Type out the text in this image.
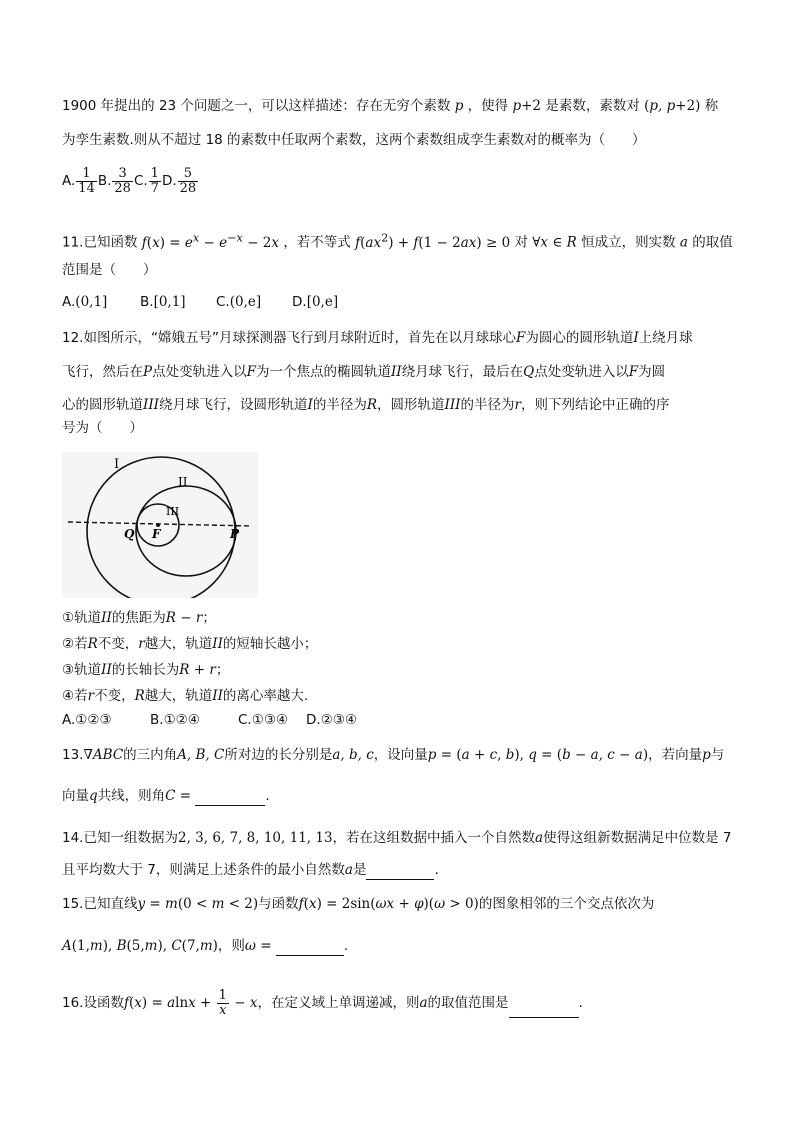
1900 年提出的 23 个问题之一，可以这样描述：存在无穷个素数 p ，使得 p+2 是素数，素数对 (p, p+2) 称
为孪生素数.则从不超过 18 的素数中任取两个素数，这两个素数组成孪生素数对的概率为（　　）
A. $\frac{1}{14} B$. $\frac{3}{28} C$. $\frac{1}{7} D$. $\frac{5}{28}$
11.已知函数 $f(x) = e^x - e^{-x} - 2x$ ，若不等式 $f(ax^2) + f(1 - 2ax) \ge 0$ 对 ∀x ∈ R 恒成立，则实数 a 的取值
范围是（　　）
A.(0,1] B.[0,1] C.(0,e] D.[0,e]
12.如图所示，“嫦娥五号”月球探测器飞行到月球附近时，首先在以月球球心F为圆心的圆形轨道I上绕月球
飞行，然后在P点处变轨进入以F为一个焦点的椭圆轨道II绕月球飞行，最后在Q点处变轨进入以F为圆
心的圆形轨道III绕月球飞行，设圆形轨道I的半径为R，圆形轨道III的半径为r，则下列结论中正确的序
号为（　　）
I
II
III
Q F	P
①轨道II的焦距为R − r；
②若R不变，r越大，轨道II的短轴长越小；
③轨道II的长轴长为R + r；
④若r不变，R越大，轨道II的离心率越大.
A.①②③	B.①②④	C.①③④ D.②③④
13.∇ABC的三内角A, B, C所对边的长分别是a, b, c，设向量p = (a + c, b), q = (b − a, c − a)，若向量p与
向量q共线，则角C =	.
14.已知一组数据为2, 3, 6, 7, 8, 10, 11, 13，若在这组数据中插入一个自然数a使得这组新数据满足中位数是 7
且平均数大于 7，则满足上述条件的最小自然数a是	.
15.已知直线y = m(0 < m < 2)与函数f(x) = 2sin(ωx + φ)(ω > 0)的图象相邻的三个交点依次为
A(1,m), B(5,m), C(7,m)，则ω =	.
16.设函数$f(x) = alnx + \frac{1}{x} - x$，在定义域上单调递减，则a的取值范围是	.
